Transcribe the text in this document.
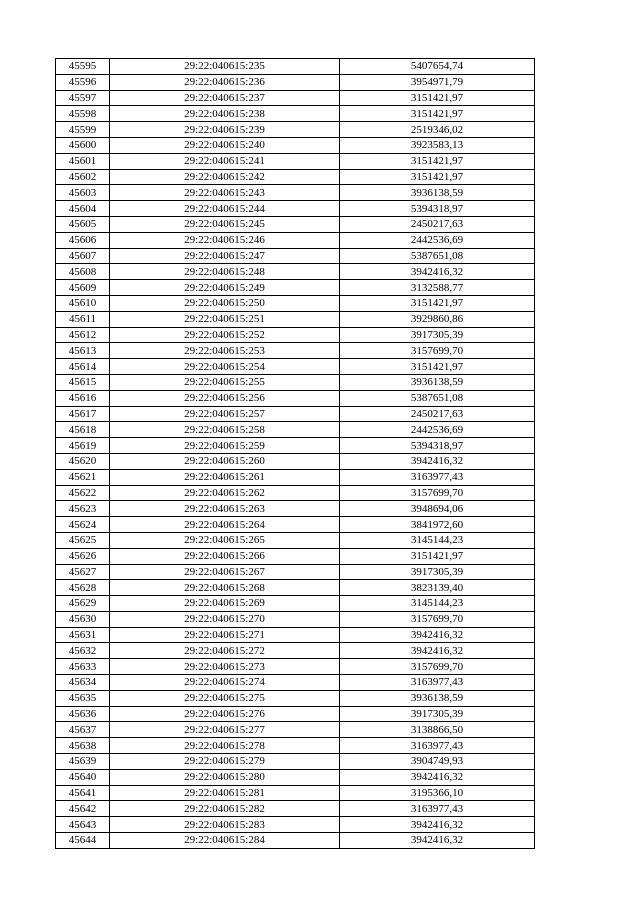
45595	29:22:040615:235	5407654,74
45596	29:22:040615:236	3954971,79
45597	29:22:040615:237	3151421,97
45598	29:22:040615:238	3151421,97
45599	29:22:040615:239	2519346,02
45600	29:22:040615:240	3923583,13
45601	29:22:040615:241	3151421,97
45602	29:22:040615:242	3151421,97
45603	29:22:040615:243	3936138,59
45604	29:22:040615:244	5394318,97
45605	29:22:040615:245	2450217,63
45606	29:22:040615:246	2442536,69
45607	29:22:040615:247	5387651,08
45608	29:22:040615:248	3942416,32
45609	29:22:040615:249	3132588,77
45610	29:22:040615:250	3151421,97
45611	29:22:040615:251	3929860,86
45612	29:22:040615:252	3917305,39
45613	29:22:040615:253	3157699,70
45614	29:22:040615:254	3151421,97
45615	29:22:040615:255	3936138,59
45616	29:22:040615:256	5387651,08
45617	29:22:040615:257	2450217,63
45618	29:22:040615:258	2442536,69
45619	29:22:040615:259	5394318,97
45620	29:22:040615:260	3942416,32
45621	29:22:040615:261	3163977,43
45622	29:22:040615:262	3157699,70
45623	29:22:040615:263	3948694,06
45624	29:22:040615:264	3841972,60
45625	29:22:040615:265	3145144,23
45626	29:22:040615:266	3151421,97
45627	29:22:040615:267	3917305,39
45628	29:22:040615:268	3823139,40
45629	29:22:040615:269	3145144,23
45630	29:22:040615:270	3157699,70
45631	29:22:040615:271	3942416,32
45632	29:22:040615:272	3942416,32
45633	29:22:040615:273	3157699,70
45634	29:22:040615:274	3163977,43
45635	29:22:040615:275	3936138,59
45636	29:22:040615:276	3917305,39
45637	29:22:040615:277	3138866,50
45638	29:22:040615:278	3163977,43
45639	29:22:040615:279	3904749,93
45640	29:22:040615:280	3942416,32
45641	29:22:040615:281	3195366,10
45642	29:22:040615:282	3163977,43
45643	29:22:040615:283	3942416,32
45644	29:22:040615:284	3942416,32
